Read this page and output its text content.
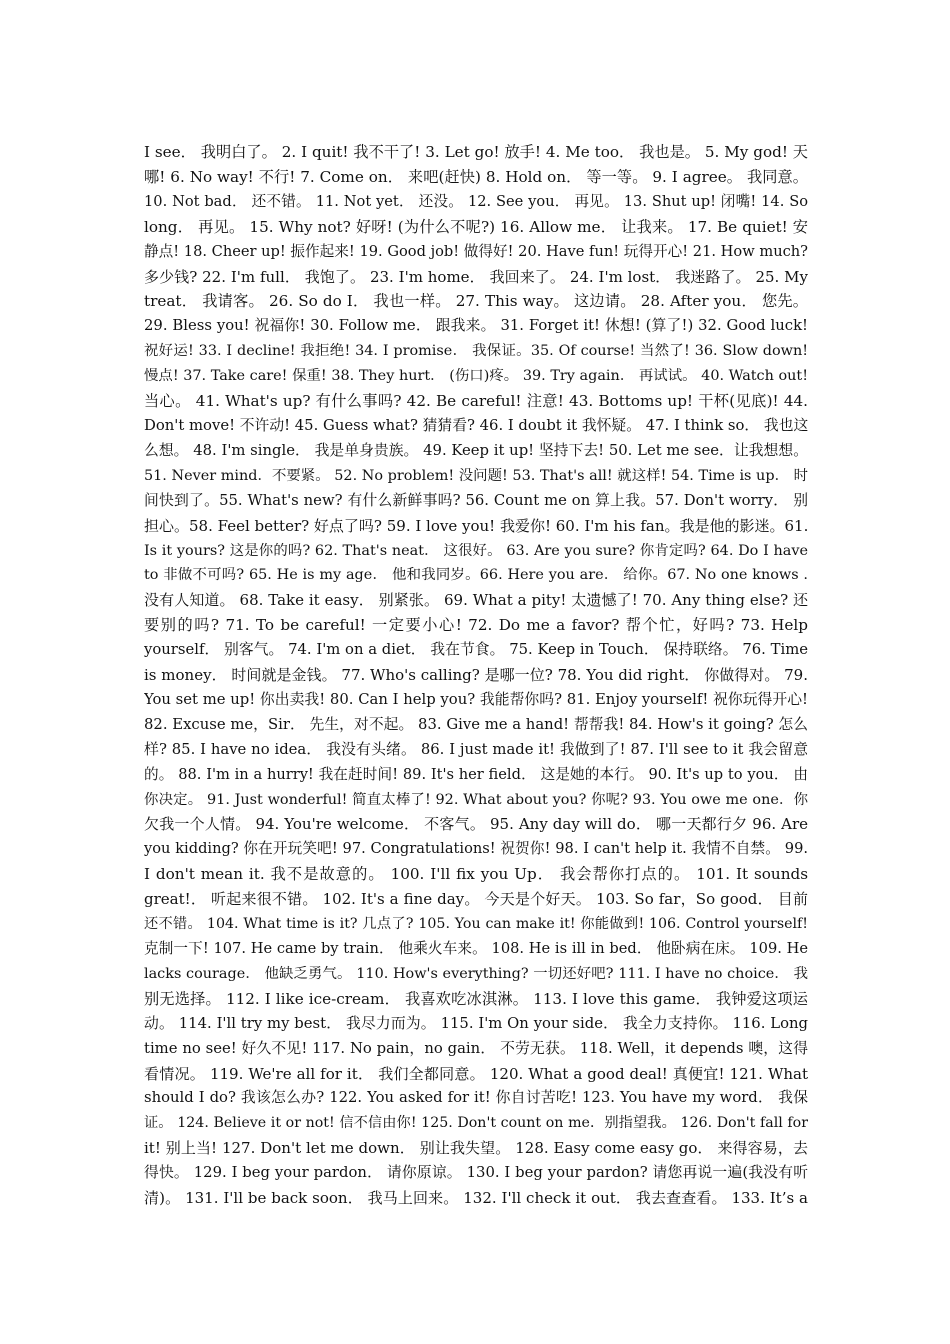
I see． 我明白了。 2. I quit! 我不干了! 3. Let go! 放手! 4. Me too． 我也是。 5. My god! 天
哪! 6. No way! 不行! 7. Come on． 来吧(赶快) 8. Hold on． 等一等。 9. I agree。 我同意。
10. Not bad． 还不错。 11. Not yet． 还没。 12. See you． 再见。 13. Shut up! 闭嘴! 14. So
long． 再见。 15. Why not? 好呀! (为什么不呢?) 16. Allow me． 让我来。 17. Be quiet! 安
静点! 18. Cheer up! 振作起来! 19. Good job! 做得好! 20. Have fun! 玩得开心! 21. How much?
多少钱? 22. I'm full． 我饱了。 23. I'm home． 我回来了。 24. I'm lost． 我迷路了。 25. My
treat． 我请客。 26. So do I． 我也一样。 27. This way。 这边请。 28. After you． 您先。
29. Bless you! 祝福你! 30. Follow me． 跟我来。 31. Forget it! 休想! (算了!) 32. Good luck!
祝好运! 33. I decline! 我拒绝! 34. I promise． 我保证。35. Of course! 当然了! 36. Slow down!
慢点! 37. Take care! 保重! 38. They hurt． (伤口)疼。 39. Try again． 再试试。 40. Watch out!
当心。 41. What's up? 有什么事吗? 42. Be careful! 注意! 43. Bottoms up! 干杯(见底)! 44.
Don't move! 不许动! 45. Guess what? 猜猜看? 46. I doubt it 我怀疑。 47. I think so． 我也这
么想。 48. I'm single． 我是单身贵族。 49. Keep it up! 坚持下去! 50. Let me see．让我想想。
51. Never mind．不要紧。 52. No problem! 没问题! 53. That's all! 就这样! 54. Time is up． 时
间快到了。55. What's new? 有什么新鲜事吗? 56. Count me on 算上我。57. Don't worry． 别
担心。58. Feel better? 好点了吗? 59. I love you! 我爱你! 60. I'm his fan。我是他的影迷。61.
Is it yours? 这是你的吗? 62. That's neat． 这很好。 63. Are you sure? 你肯定吗? 64. Do I have
to 非做不可吗? 65. He is my age． 他和我同岁。66. Here you are． 给你。67. No one knows .
没有人知道。 68. Take it easy． 别紧张。 69. What a pity! 太遗憾了! 70. Any thing else? 还
要别的吗? 71. To be careful! 一定要小心! 72. Do me a favor? 帮个忙，好吗? 73. Help
yourself． 别客气。 74. I'm on a diet． 我在节食。 75. Keep in Touch． 保持联络。 76. Time
is money． 时间就是金钱。 77. Who's calling? 是哪一位? 78. You did right． 你做得对。 79.
You set me up! 你出卖我! 80. Can I help you? 我能帮你吗? 81. Enjoy yourself! 祝你玩得开心!
82. Excuse me，Sir． 先生，对不起。 83. Give me a hand! 帮帮我! 84. How's it going? 怎么
样? 85. I have no idea． 我没有头绪。 86. I just made it! 我做到了! 87. I'll see to it 我会留意
的。 88. I'm in a hurry! 我在赶时间! 89. It's her field． 这是她的本行。 90. It's up to you． 由
你决定。 91. Just wonderful! 简直太棒了! 92. What about you? 你呢? 93. You owe me one．你
欠我一个人情。 94. You're welcome． 不客气。 95. Any day will do． 哪一天都行夕 96. Are
you kidding? 你在开玩笑吧! 97. Congratulations! 祝贺你! 98. I can't help it. 我情不自禁。 99.
I don't mean it. 我不是故意的。 100. I'll fix you Up． 我会帮你打点的。 101. It sounds
great!． 听起来很不错。 102. It's a fine day。 今天是个好天。 103. So far，So good． 目前
还不错。 104. What time is it? 几点了? 105. You can make it! 你能做到! 106. Control yourself!
克制一下! 107. He came by train． 他乘火车来。 108. He is ill in bed． 他卧病在床。 109. He
lacks courage． 他缺乏勇气。 110. How's everything? 一切还好吧? 111. I have no choice． 我
别无选择。 112. I like ice-cream． 我喜欢吃冰淇淋。 113. I love this game． 我钟爱这项运
动。 114. I'll try my best． 我尽力而为。 115. I'm On your side． 我全力支持你。 116. Long
time no see! 好久不见! 117. No pain，no gain． 不劳无获。 118. Well，it depends 噢，这得
看情况。 119. We're all for it． 我们全都同意。 120. What a good deal! 真便宜! 121. What
should I do? 我该怎么办? 122. You asked for it! 你自讨苦吃! 123. You have my word． 我保
证。 124. Believe it or not! 信不信由你! 125. Don't count on me．别指望我。 126. Don't fall for
it! 别上当! 127. Don't let me down． 别让我失望。 128. Easy come easy go． 来得容易，去
得快。 129. I beg your pardon． 请你原谅。 130. I beg your pardon? 请您再说一遍(我没有听
清)。 131. I'll be back soon． 我马上回来。 132. I'll check it out． 我去查查看。 133. It’s a
